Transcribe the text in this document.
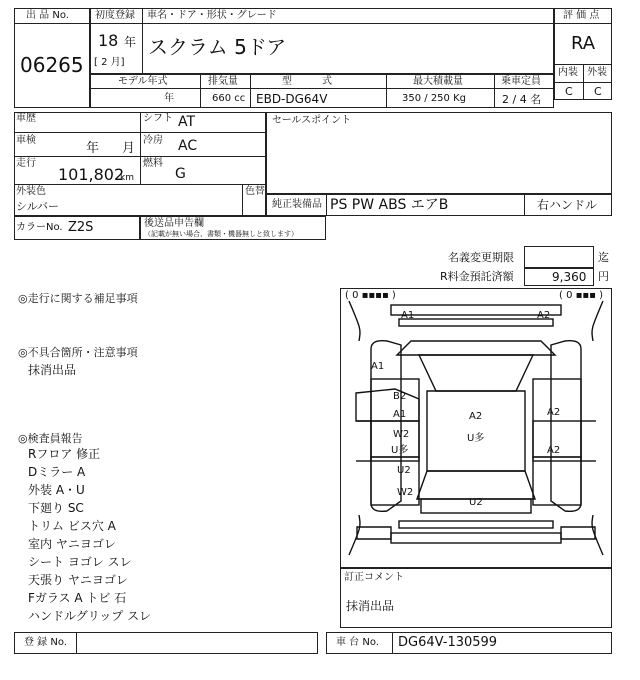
出 品 No.
06265
初度登録 車名・ドア・形状・グレード
18 年
[ 2 月]
スクラム 5ドア
評 価 点
RA
内装 外装
C C
モデル年式	排気量	型　　　式	最大積載量	乗車定員
年	660 cc EBD-DG64V	350 / 250 Kg	2 / 4 名
車歴	シフト AT
車検
年 月
冷房 AC
走行
101,802
km
燃料
G
外装色
シルバー
色替
セールスポイント
純正装備品 PS PW ABS エアB	右ハンドル
カラーNo. Z2S	後送品申告欄
（記載が無い場合、書類・機器無しと致します）
名義変更期限	迄
R料金預託済額	9,360 円
◎走行に関する補足事項
◎不具合箇所・注意事項
抹消出品
◎検査員報告
Rフロア 修正
Dミラー A
外装 A・U
下廻り SC
トリム ビス穴 A
室内 ヤニヨゴレ
シート ヨゴレ スレ
天張り ヤニヨゴレ
Fガラス A トビ 石
ハンドルグリップ スレ
( 0 ▪▪▪▪ )	( 0 ▪▪▪ )
A1	A2
A1
B2
A1
W2
U多
U2
W2
A2
U多
A2
A2
U2
訂正コメント
抹消出品
登 録 No.	車 台 No. DG64V-130599
